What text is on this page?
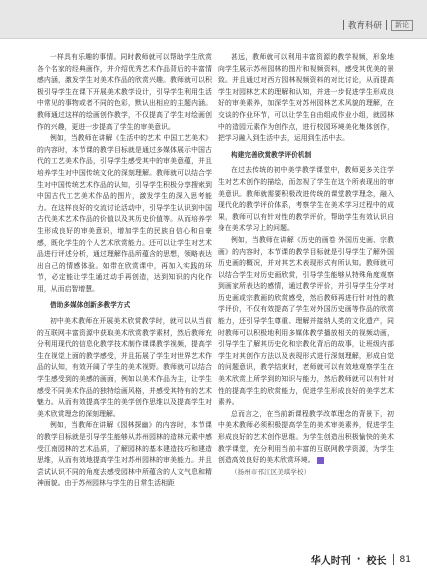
教育科研	新论

一样具有乐趣的事情。同时教师就可以帮助学生欣赏各个名家的经典画作，并介绍优秀艺术作品背后的丰富情感内涵，激发学生对美术作品的欣赏兴趣。教师就可以积极引导学生在课下开展美术教学设计，引导学生利用生活中常见的事物或者不同的色彩，默认出相应的主题内涵。教师通过这样的绘画创作教学，不仅提高了学生对绘画创作的兴趣，更进一步提高了学生的审美意识。

例如，当教师在讲解《生活中的艺术 中国工艺美术》的内容时，本节课的教学目标就是通过多媒体展示中国古代的工艺美术作品，引导学生感受其中的审美意蕴，并且培养学生对中国传统文化的深刻理解。教师就可以结合学生对中国传统艺术作品的认知，引导学生积极分享搜索到中国古代工艺美术作品的图片，激发学生的深入思考能力。在这样良好的交流讨论活动中，引导学生认识到中国古代美术艺术作品的价值以及其历史价值等。从而培养学生形成良好的审美意识，增加学生的民族自信心和自豪感，既化学生的个人艺术欣赏能力。还可以让学生对艺术品进行评述分析，通过理解作品所蕴含的思想，领略表达出自己的情感体验。如带在欣赏课中，再加入实践的环节，必定能让学生通过动手再创造，达到知识的内化作用，从而启智增慧。

借助多媒体创新多教学方式

初中美术教师在开展美术欣赏教学时，就可以从当前的互联网丰富资源中获取美术欣赏教学素材，然后教师充分利用现代的信息化教学技术制作课课教学视频，提高学生在视觉上面的教学感受，并且拓展了学生对世界艺术作品的认知，有效开阔了学生的美术视野。教师就可以结合学生感受到的美感的画面，例如以美术作品为主，让学生感受不同美术作品的独特绘画风格，并感受其特有的艺术魅力。从而有效提高学生的美学创作思维以及提高学生对美术欣赏理念的深刻理解。

例如，当教师在讲解《园林探幽》的内容时，本节课的教学目标就是引导学生能够从苏州园林的造林元素中感受江南园林的艺术品质，了解园林的基本建造技巧和建造思维，从而有效地提高学生对苏州园林的审美能力。并且尝试认识不同的角度去感受园林中所蕴含的人文气息和精神面貌。由于苏州园林与学生的日常生活相距

甚远，教师就可以利用丰富资源的教学视频，形象地向学生展示苏州园林的图片和视频资料，感受其优美的景致。并且通过对西方园林视频资料的对比讨论，从而提高学生对园林艺术的理解和认知，并进一步促进学生形成良好的审美素养，加深学生对苏州园林艺术风貌的理解，在交谈的作业环节，可以让学生自由组成作业小组，就园林中的造园元素作为创作点，进行校园环境美化集体创作，把学习融入到生活中去，运用到生活中去。

构建完善欣赏教学评价机制

在过去传统的初中美学教学课堂中，教师更多关注学生对艺术创作的描绘，而忽视了学生在这个所表现出的审美意识。教师就需要积极改进传统的课堂教学理念，融入现代化的教学评价体系，考察学生在美术学习过程中的成果，教师可以有针对性的教学评价，帮助学生有效认识自身在美术学习上的问题。

例如，当教师在讲解《历史的画卷 外国历史画、宗教画》的内容时，本节课的教学目标就是引导学生了解外国历史画的概况，并对其艺术表现形式有所认知。教师就可以结合学生对历史画欣赏，引导学生能够从特殊角度观察到画家所表达的感情，通过教学评价，并引导学生分学对历史画或宗教画的欣赏感受，然后教师再进行针对性的教学评价，不仅有效提高了学生对外国历史画等作品的欣赏能力，还引导学生尊重、理解并接纳人类的文化遗产，同时教师可以积极地利用多媒体教学播放相关的视频动画，引导学生了解其历史化和宗教化背后的故事，让班级内部学生对其创作方法以及表现形式进行深刻理解，形成自觉的问题意识，教学结束时，老师就可以有效地观察学生在美术欣赏上所学到的知识与能力，然后教师就可以有针对性的提高学生的欣赏能力，促进学生形成良好的美学艺术素养。

总而言之，在当前新课程教学改革理念的背景下，初中美术教师必须积极提高学生的美术审美素养，促进学生形成良好的艺术创作思维。为学生创造出积极愉快的美术教学课堂，充分利用当前丰富的互联网教学资源，为学生创造高效良好的美术欣赏环境。

（扬州市邗江区美琪学校）

华人时刊 · 校长 81
